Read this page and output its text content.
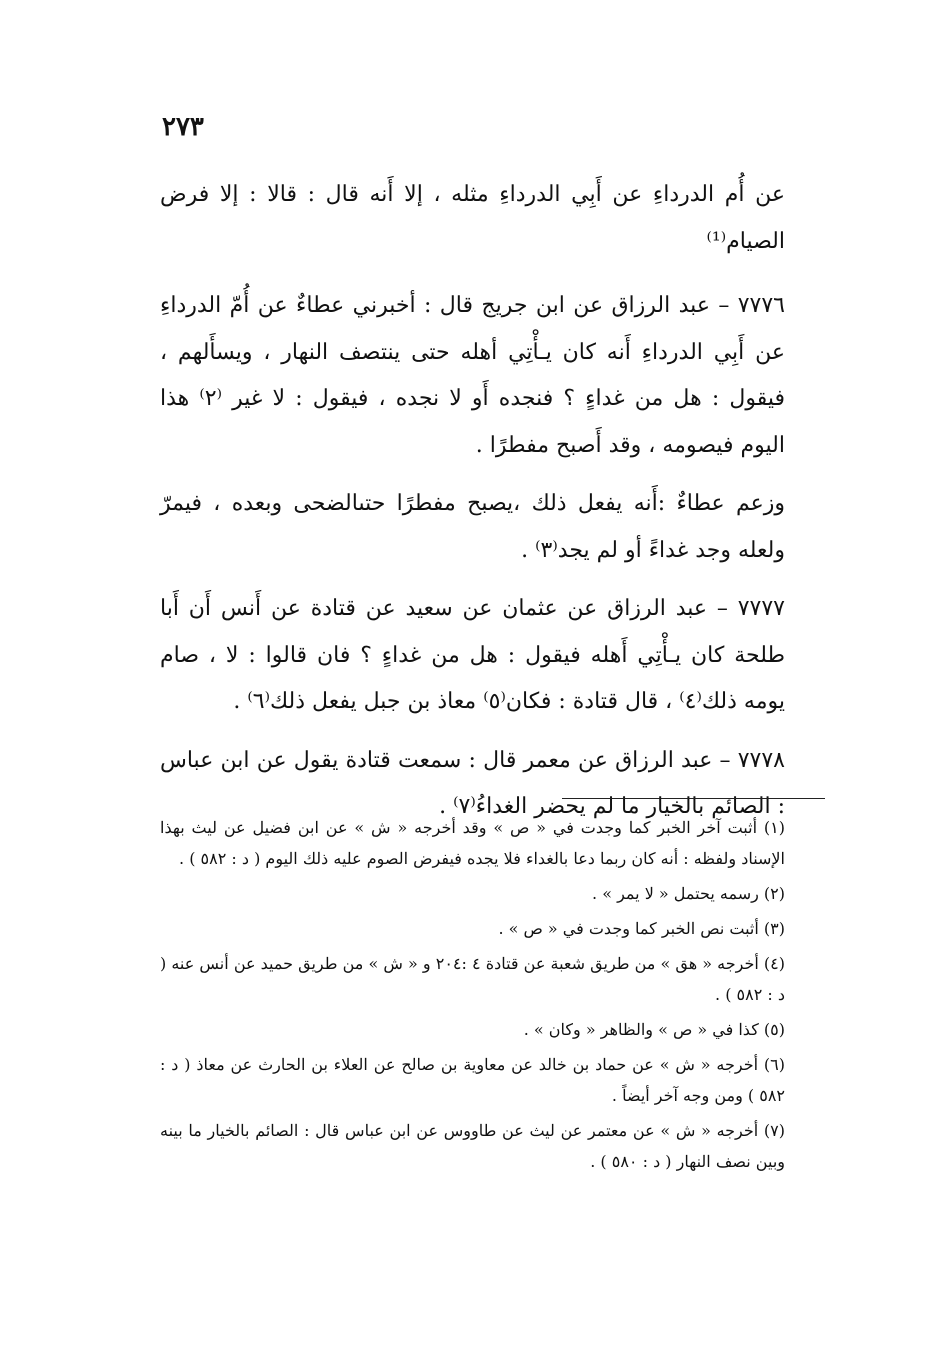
٢٧٣

عن أُم الدرداءِ عن أَبِي الدرداءِ مثله ، إلا أَنه قال : قالا : إلا فرض الصيام⁽¹⁾

٧٧٧٦ – عبد الرزاق عن ابن جريج قال : أخبرني عطاءٌ عن أُمّ الدرداءِ عن أَبِي الدرداءِ أَنه كان يـأْتِي أهله حتى ينتصف النهار ، ويسأَلهم ، فيقول : هل من غداءٍ ؟ فنجده أَو لا نجده ، فيقول : لا غير ⁽٢⁾ هذا اليوم فيصومه ، وقد أَصبح مفطرًا .

وزعم عطاءٌ :أَنه يفعل ذلك ،يصبح مفطرًا حتىالضحى وبعده ، فيمرّ ولعله وجد غداءً أو لم يجد⁽٣⁾ .

٧٧٧٧ – عبد الرزاق عن عثمان عن سعيد عن قتادة عن أَنس أَن أَبا طلحة كان يـأْتِي أَهله فيقول : هل من غداءٍ ؟ فان قالوا : لا ، صام يومه ذلك⁽٤⁾ ، قال قتادة : فكان⁽٥⁾ معاذ بن جبل يفعل ذلك⁽٦⁾ .

٧٧٧٨ – عبد الرزاق عن معمر قال : سمعت قتادة يقول عن ابن عباس : الصائم بالخيار ما لم يحضر الغداءُ⁽٧⁾ .

(١) أثبت آخر الخبر كما وجدت في « ص » وقد أخرجه « ش » عن ابن فضيل عن ليث بهذا الإسناد ولفظه : أنه كان ربما دعا بالغداء فلا يجده فيفرض الصوم عليه ذلك اليوم ( د : ٥٨٢ ) .
(٢) رسمه يحتمل « لا يمر » .
(٣) أثبت نص الخبر كما وجدت في « ص » .
(٤) أخرجه « هق » من طريق شعبة عن قتادة ٤ :٢٠٤ و « ش » من طريق حميد عن أنس عنه ( د : ٥٨٢ ) .
(٥) كذا في « ص » والظاهر « وكان » .
(٦) أخرجه « ش » عن حماد بن خالد عن معاوية بن صالح عن العلاء بن الحارث عن معاذ ( د : ٥٨٢ ) ومن وجه آخر أيضاً .
(٧) أخرجه « ش » عن معتمر عن ليث عن طاووس عن ابن عباس قال : الصائم بالخيار ما بينه وبين نصف النهار ( د : ٥٨٠ ) .
